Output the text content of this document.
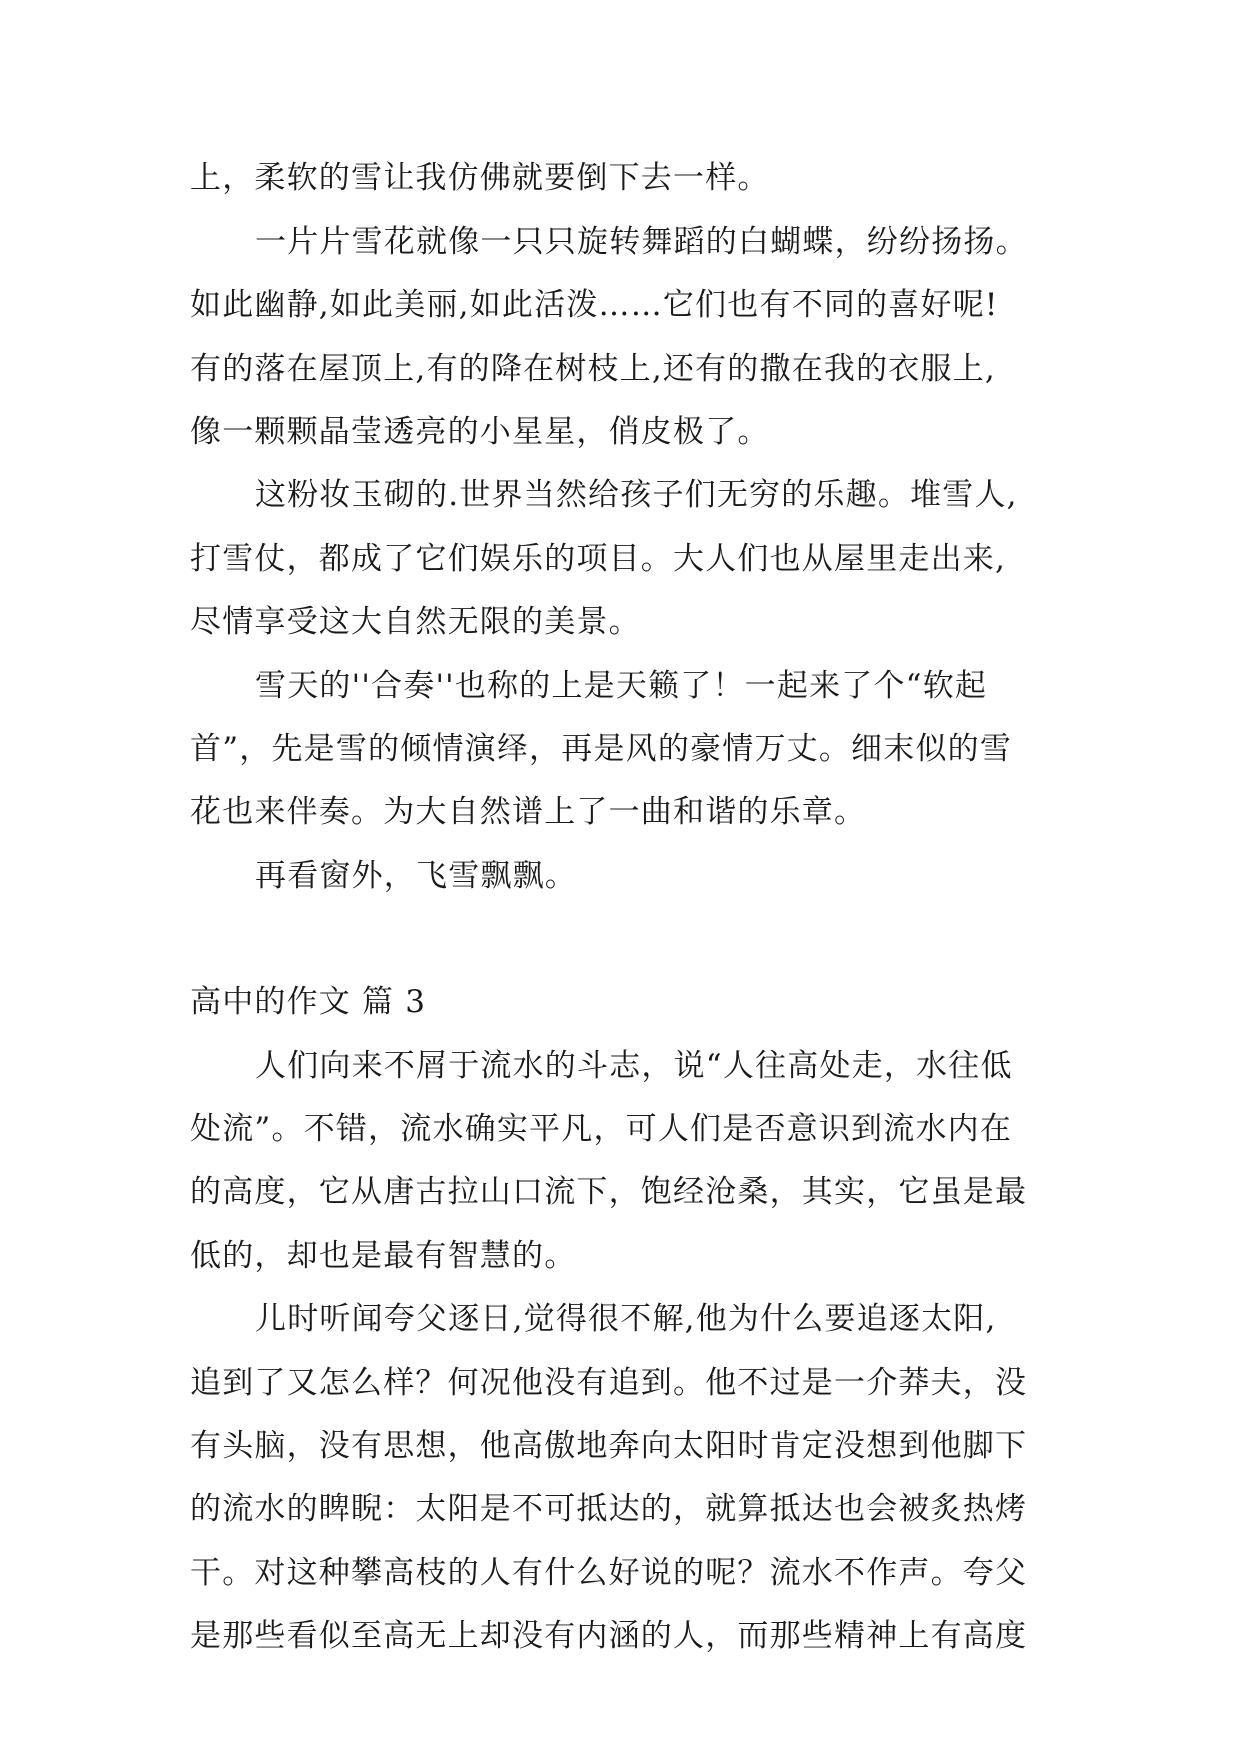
上，柔软的雪让我仿佛就要倒下去一样。
一片片雪花就像一只只旋转舞蹈的白蝴蝶，纷纷扬扬。
如此幽静,如此美丽,如此活泼……它们也有不同的喜好呢!
有的落在屋顶上,有的降在树枝上,还有的撒在我的衣服上,
像一颗颗晶莹透亮的小星星，俏皮极了。
这粉妆玉砌的.世界当然给孩子们无穷的乐趣。堆雪人,
打雪仗，都成了它们娱乐的项目。大人们也从屋里走出来,
尽情享受这大自然无限的美景。
雪天的''合奏''也称的上是天籁了！一起来了个“软起
首”，先是雪的倾情演绎，再是风的豪情万丈。细末似的雪
花也来伴奏。为大自然谱上了一曲和谐的乐章。
再看窗外，飞雪飘飘。
高中的作文 篇 3
人们向来不屑于流水的斗志，说“人往高处走，水往低
处流”。不错，流水确实平凡，可人们是否意识到流水内在
的高度，它从唐古拉山口流下，饱经沧桑，其实，它虽是最
低的，却也是最有智慧的。
儿时听闻夸父逐日,觉得很不解,他为什么要追逐太阳,
追到了又怎么样？何况他没有追到。他不过是一介莽夫，没
有头脑，没有思想，他高傲地奔向太阳时肯定没想到他脚下
的流水的睥睨：太阳是不可抵达的，就算抵达也会被炙热烤
干。对这种攀高枝的人有什么好说的呢？流水不作声。夸父
是那些看似至高无上却没有内涵的人，而那些精神上有高度
